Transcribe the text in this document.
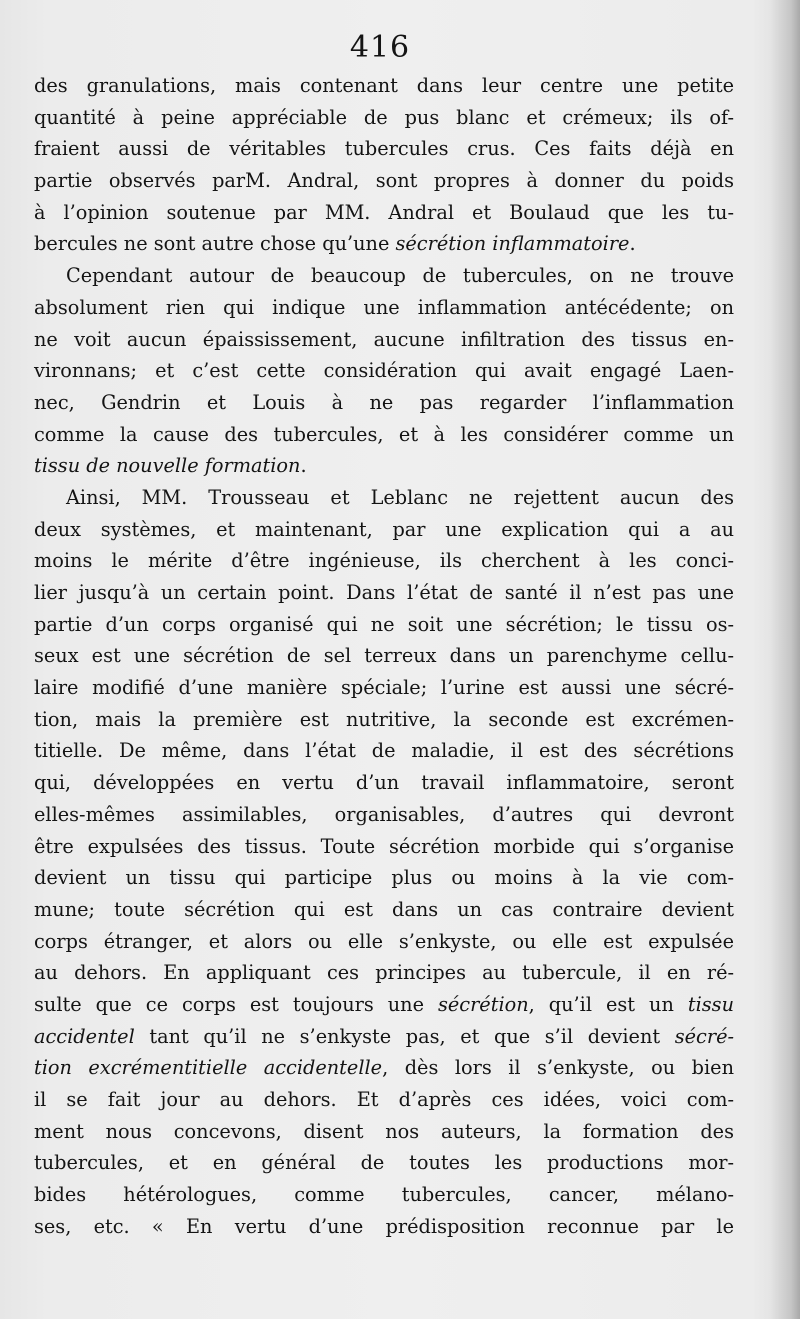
416
des granulations, mais contenant dans leur centre une petite
quantité à peine appréciable de pus blanc et crémeux; ils of-
fraient aussi de véritables tubercules crus. Ces faits déjà en
partie observés parM. Andral, sont propres à donner du poids
à l’opinion soutenue par MM. Andral et Boulaud que les tu-
bercules ne sont autre chose qu’une sécrétion inflammatoire.
Cependant autour de beaucoup de tubercules, on ne trouve
absolument rien qui indique une inflammation antécédente; on
ne voit aucun épaississement, aucune infiltration des tissus en-
vironnans; et c’est cette considération qui avait engagé Laen-
nec, Gendrin et Louis à ne pas regarder l’inflammation
comme la cause des tubercules, et à les considérer comme un
tissu de nouvelle formation.
Ainsi, MM. Trousseau et Leblanc ne rejettent aucun des
deux systèmes, et maintenant, par une explication qui a au
moins le mérite d’être ingénieuse, ils cherchent à les conci-
lier jusqu’à un certain point. Dans l’état de santé il n’est pas une
partie d’un corps organisé qui ne soit une sécrétion; le tissu os-
seux est une sécrétion de sel terreux dans un parenchyme cellu-
laire modifié d’une manière spéciale; l’urine est aussi une sécré-
tion, mais la première est nutritive, la seconde est excrémen-
titielle. De même, dans l’état de maladie, il est des sécrétions
qui, développées en vertu d’un travail inflammatoire, seront
elles-mêmes assimilables, organisables, d’autres qui devront
être expulsées des tissus. Toute sécrétion morbide qui s’organise
devient un tissu qui participe plus ou moins à la vie com-
mune; toute sécrétion qui est dans un cas contraire devient
corps étranger, et alors ou elle s’enkyste, ou elle est expulsée
au dehors. En appliquant ces principes au tubercule, il en ré-
sulte que ce corps est toujours une sécrétion, qu’il est un tissu
accidentel tant qu’il ne s’enkyste pas, et que s’il devient sécré-
tion excrémentitielle accidentelle, dès lors il s’enkyste, ou bien
il se fait jour au dehors. Et d’après ces idées, voici com-
ment nous concevons, disent nos auteurs, la formation des
tubercules, et en général de toutes les productions mor-
bides hétérologues, comme tubercules, cancer, mélano-
ses, etc. « En vertu d’une prédisposition reconnue par le
